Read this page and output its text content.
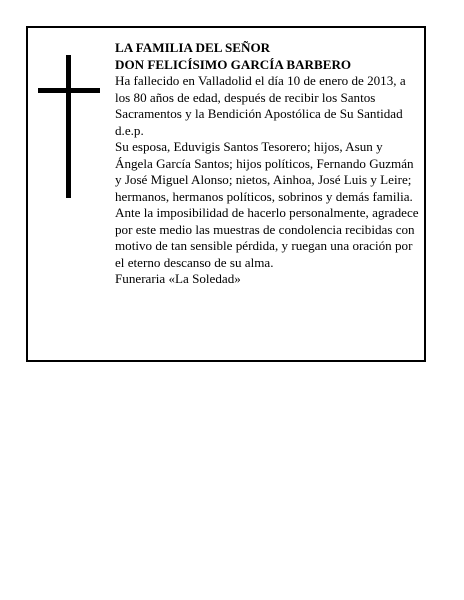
LA FAMILIA DEL SEÑOR

DON FELICÍSIMO GARCÍA BARBERO

Ha fallecido en Valladolid el día 10 de enero de 2013, a los 80 años de edad, después de recibir los Santos Sacramentos y la Bendición Apostólica de Su Santidad d.e.p.

Su esposa, Eduvigis Santos Tesorero; hijos, Asun y Ángela García Santos; hijos políticos, Fernando Guzmán y José Miguel Alonso; nietos, Ainhoa, José Luis y Leire; hermanos, hermanos políticos, sobrinos y demás familia.

Ante la imposibilidad de hacerlo personalmente, agradece por este medio las muestras de condolencia recibidas con motivo de tan sensible pérdida, y ruegan una oración por el eterno descanso de su alma.

Funeraria «La Soledad»
